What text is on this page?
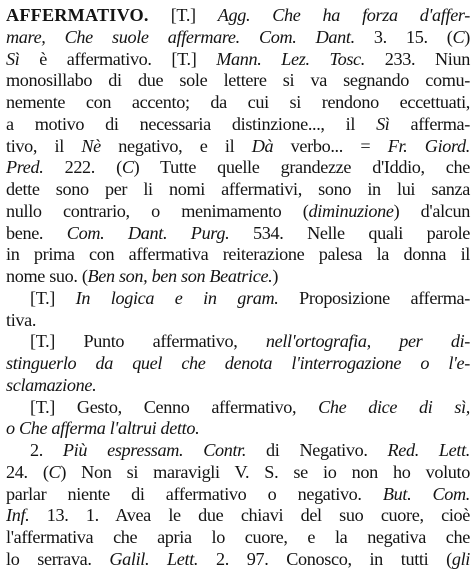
AFFERMATIVO. [T.] Agg. Che ha forza d'affer-
mare, Che suole affermare. Com. Dant. 3. 15. (C)
Sì è affermativo. [T.] Mann. Lez. Tosc. 233. Niun
monosillabo di due sole lettere si va segnando comu-
nemente con accento; da cui si rendono eccettuati,
a motivo di necessaria distinzione..., il Sì afferma-
tivo, il Nè negativo, e il Dà verbo... = Fr. Giord.
Pred. 222. (C) Tutte quelle grandezze d'Iddio, che
dette sono per li nomi affermativi, sono in lui sanza
nullo contrario, o menimamento (diminuzione) d'alcun
bene. Com. Dant. Purg. 534. Nelle quali parole
in prima con affermativa reiterazione palesa la donna il
nome suo. (Ben son, ben son Beatrice.)
[T.] In logica e in gram. Proposizione afferma-
tiva.
[T.] Punto affermativo, nell'ortografia, per di-
stinguerlo da quel che denota l'interrogazione o l'e-
sclamazione.
[T.] Gesto, Cenno affermativo, Che dice di sì,
o Che afferma l'altrui detto.
2. Più espressam. Contr. di Negativo. Red. Lett.
24. (C) Non si maravigli V. S. se io non ho voluto
parlar niente di affermativo o negativo. But. Com.
Inf. 13. 1. Avea le due chiavi del suo cuore, cioè
l'affermativa che apria lo cuore, e la negativa che
lo serrava. Galil. Lett. 2. 97. Conosco, in tutti (gli
